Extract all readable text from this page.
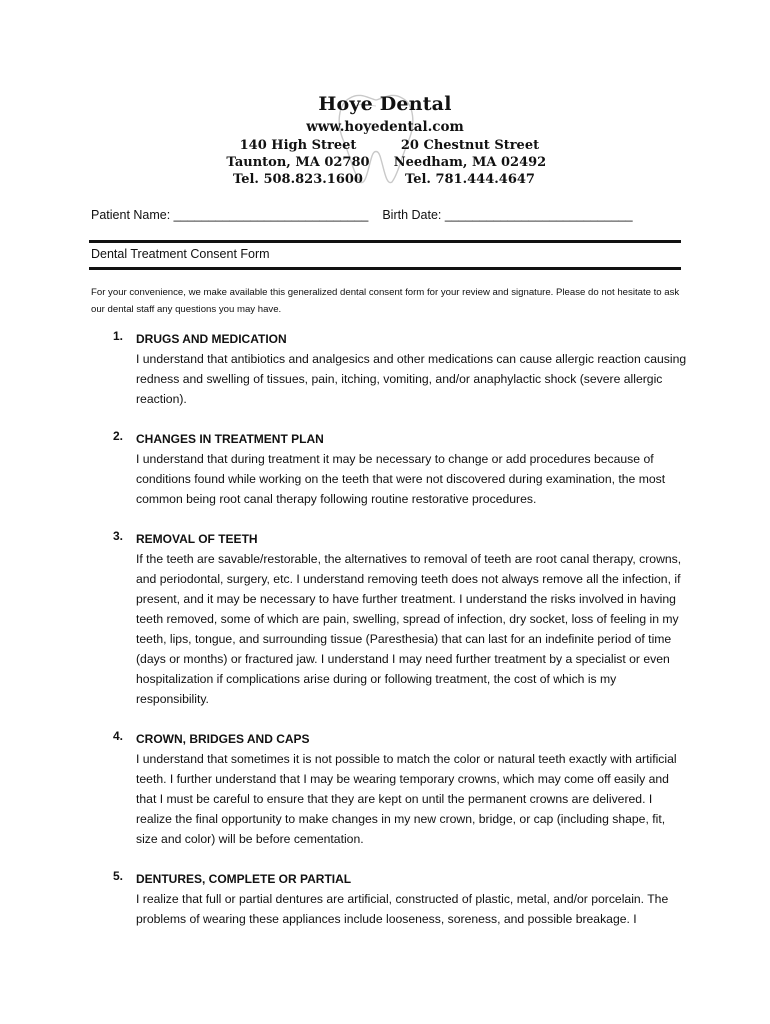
Hoye Dental
www.hoyedental.com
140 High Street
Taunton, MA 02780
Tel. 508.823.1600
20 Chestnut Street
Needham, MA 02492
Tel. 781.444.4647
Patient Name: ____________________________ Birth Date: ___________________________
Dental Treatment Consent Form
For your convenience, we make available this generalized dental consent form for your review and signature. Please do not hesitate to ask our dental staff any questions you may have.
1. DRUGS AND MEDICATION

I understand that antibiotics and analgesics and other medications can cause allergic reaction causing redness and swelling of tissues, pain, itching, vomiting, and/or anaphylactic shock (severe allergic reaction).

2. CHANGES IN TREATMENT PLAN

I understand that during treatment it may be necessary to change or add procedures because of conditions found while working on the teeth that were not discovered during examination, the most common being root canal therapy following routine restorative procedures.

3. REMOVAL OF TEETH

If the teeth are savable/restorable, the alternatives to removal of teeth are root canal therapy, crowns, and periodontal, surgery, etc. I understand removing teeth does not always remove all the infection, if present, and it may be necessary to have further treatment. I understand the risks involved in having teeth removed, some of which are pain, swelling, spread of infection, dry socket, loss of feeling in my teeth, lips, tongue, and surrounding tissue (Paresthesia) that can last for an indefinite period of time (days or months) or fractured jaw. I understand I may need further treatment by a specialist or even hospitalization if complications arise during or following treatment, the cost of which is my responsibility.

4. CROWN, BRIDGES AND CAPS

I understand that sometimes it is not possible to match the color or natural teeth exactly with artificial teeth. I further understand that I may be wearing temporary crowns, which may come off easily and that I must be careful to ensure that they are kept on until the permanent crowns are delivered. I realize the final opportunity to make changes in my new crown, bridge, or cap (including shape, fit, size and color) will be before cementation.

5. DENTURES, COMPLETE OR PARTIAL

I realize that full or partial dentures are artificial, constructed of plastic, metal, and/or porcelain. The problems of wearing these appliances include looseness, soreness, and possible breakage. I
